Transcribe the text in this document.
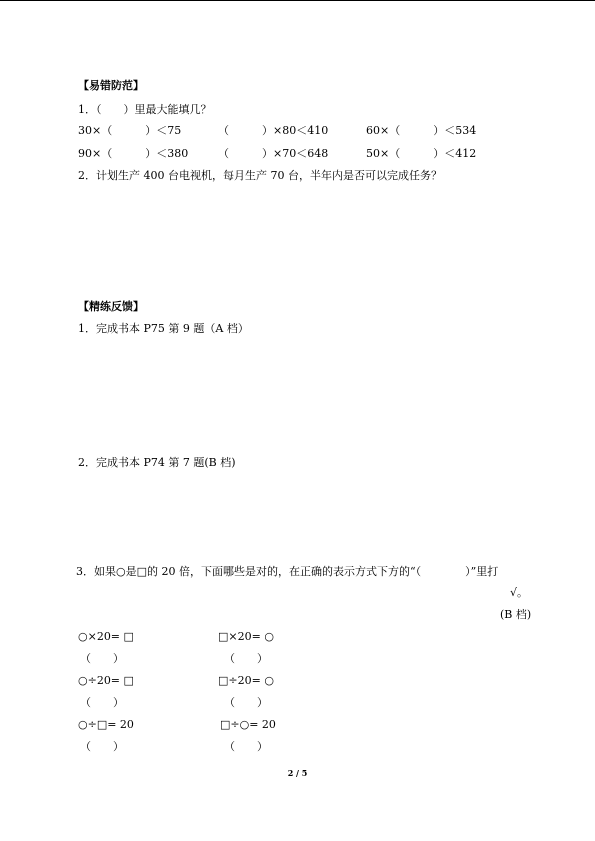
【易错防范】
1．（　　）里最大能填几？
30×（　　　）＜75	（　　　）×80＜410	60×（　　　）＜534
90×（　　　）＜380	（　　　）×70＜648	50×（　　　）＜412
2．计划生产 400 台电视机，每月生产 70 台，半年内是否可以完成任务？
【精练反馈】
1．完成书本 P75 第 9 题（A 档）
2．完成书本 P74 第 7 题(B 档)
3．如果○是□的 20 倍，下面哪些是对的，在正确的表示方式下方的“（　　　　）”里打
√。
(B 档)
○×20= □	□×20= ○
（　　）	（　　）
○÷20= □	□÷20= ○
（　　）	（　　）
○÷□= 20	□÷○= 20
（　　）	（　　）
2 / 5
